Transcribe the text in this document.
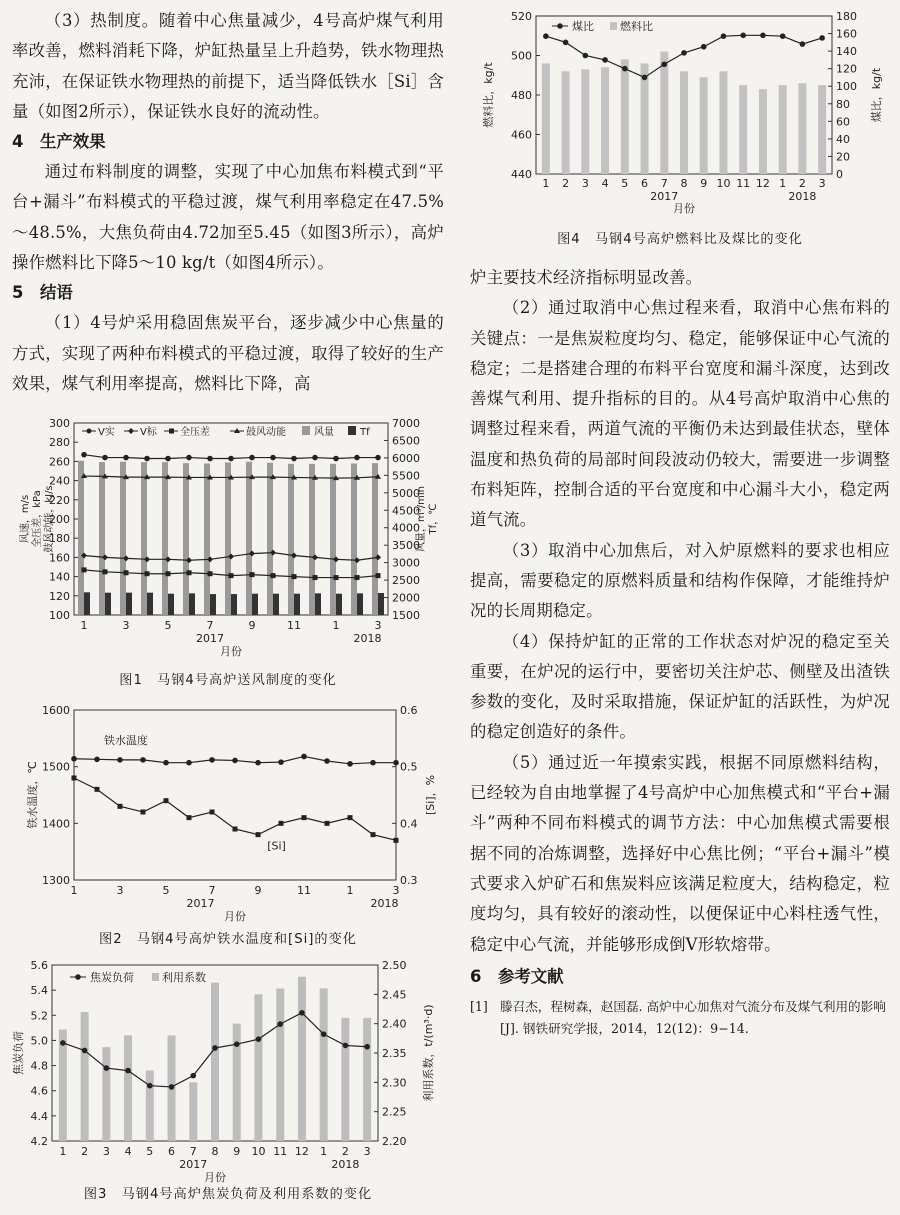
（3）热制度。随着中心焦量减少，4号高炉煤气利用率改善，燃料消耗下降，炉缸热量呈上升趋势，铁水物理热充沛，在保证铁水物理热的前提下，适当降低铁水［Si］含量（如图2所示），保证铁水良好的流动性。

4 生产效果

通过布料制度的调整，实现了中心加焦布料模式到“平台+漏斗”布料模式的平稳过渡，煤气利用率稳定在47.5%～48.5%，大焦负荷由4.72加至5.45（如图3所示），高炉操作燃料比下降5～10 kg/t（如图4所示）。

5 结语

（1）4号炉采用稳固焦炭平台，逐步减少中心焦量的方式，实现了两种布料模式的平稳过渡，取得了较好的生产效果，煤气利用率提高，燃料比下降，高

100
120
140
160
180
200
220
240
260
280
300
1500
2000
2500
3000
3500
4000
4500
5000
5500
6000
6500
7000
1	3	5	7	9	11	1	3
2017	2018
月份
风速，m/s 全压差，kPa 鼓风动能，kJ/s	风量，m³/min Tf，℃
V实	V标 全压差	鼓风动能	风量	Tf

图1　马钢4号高炉送风制度的变化

1300
1400
1500
1600
0.3
0.4
0.5
0.6
铁水温度
[Si]
1	3	5	7	9	11	1	3
2017	2018
月份
铁水温度，℃	[Si]，%

图2　马钢4号高炉铁水温度和[Si]的变化

4.2
4.4
4.6
4.8
5.0
5.2
5.4
5.6
2.20
2.25
2.30
2.35
2.40
2.45
2.50
1 2 3 4 5 6 7 8 9 10 11 12 1 2 3
2017	2018
月份
焦炭负荷	利用系数，t/(m³·d)
焦炭负荷	利用系数

图3　马钢4号高炉焦炭负荷及利用系数的变化

440
460
480
500
520
0
20
40
60
80
100
120
140
160
180
1 2 3 4 5 6 7 8 9 10 11 12 1 2 3
2017	2018
月份
燃料比，kg/t	煤比，kg/t
煤比 燃料比

图4　马钢4号高炉燃料比及煤比的变化

炉主要技术经济指标明显改善。

（2）通过取消中心焦过程来看，取消中心焦布料的关键点：一是焦炭粒度均匀、稳定，能够保证中心气流的稳定；二是搭建合理的布料平台宽度和漏斗深度，达到改善煤气利用、提升指标的目的。从4号高炉取消中心焦的调整过程来看，两道气流的平衡仍未达到最佳状态，壁体温度和热负荷的局部时间段波动仍较大，需要进一步调整布料矩阵，控制合适的平台宽度和中心漏斗大小，稳定两道气流。

（3）取消中心加焦后，对入炉原燃料的要求也相应提高，需要稳定的原燃料质量和结构作保障，才能维持炉况的长周期稳定。

（4）保持炉缸的正常的工作状态对炉况的稳定至关重要，在炉况的运行中，要密切关注炉芯、侧壁及出渣铁参数的变化，及时采取措施，保证炉缸的活跃性，为炉况的稳定创造好的条件。

（5）通过近一年摸索实践，根据不同原燃料结构，已经较为自由地掌握了4号高炉中心加焦模式和“平台+漏斗”两种不同布料模式的调节方法：中心加焦模式需要根据不同的冶炼调整，选择好中心焦比例；“平台+漏斗”模式要求入炉矿石和焦炭料应该满足粒度大，结构稳定，粒度均匀，具有较好的滚动性，以便保证中心料柱透气性，稳定中心气流，并能够形成倒V形软熔带。

6 参考文献

[1] 滕召杰，程树森，赵国磊. 高炉中心加焦对气流分布及煤气利用的影响[J]. 钢铁研究学报，2014，12(12)：9−14.
